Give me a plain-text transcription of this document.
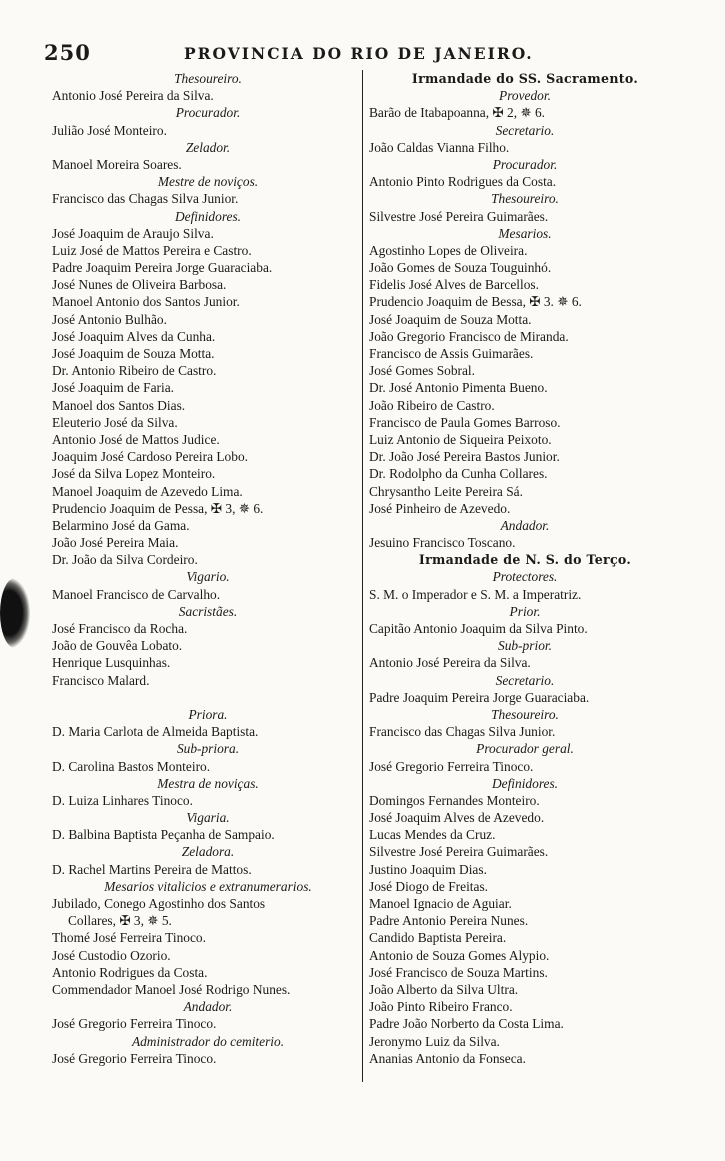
250	PROVINCIA DO RIO DE JANEIRO.
Thesoureiro.
Antonio José Pereira da Silva.
Procurador.
Julião José Monteiro.
Zelador.
Manoel Moreira Soares.
Mestre de noviços.
Francisco das Chagas Silva Junior.
Definidores.
José Joaquim de Araujo Silva.
Luiz José de Mattos Pereira e Castro.
Padre Joaquim Pereira Jorge Guaraciaba.
José Nunes de Oliveira Barbosa.
Manoel Antonio dos Santos Junior.
José Antonio Bulhão.
José Joaquim Alves da Cunha.
José Joaquim de Souza Motta.
Dr. Antonio Ribeiro de Castro.
José Joaquim de Faria.
Manoel dos Santos Dias.
Eleuterio José da Silva.
Antonio José de Mattos Judice.
Joaquim José Cardoso Pereira Lobo.
José da Silva Lopez Monteiro.
Manoel Joaquim de Azevedo Lima.
Prudencio Joaquim de Pessa, ✠ 3, ✵ 6.
Belarmino José da Gama.
João José Pereira Maia.
Dr. João da Silva Cordeiro.
Vigario.
Manoel Francisco de Carvalho.
Sacristães.
José Francisco da Rocha.
João de Gouvêa Lobato.
Henrique Lusquinhas.
Francisco Malard.
Priora.
D. Maria Carlota de Almeida Baptista.
Sub-priora.
D. Carolina Bastos Monteiro.
Mestra de noviças.
D. Luiza Linhares Tinoco.
Vigaria.
D. Balbina Baptista Peçanha de Sampaio.
Zeladora.
D. Rachel Martins Pereira de Mattos.
Mesarios vitalicios e extranumerarios.
Jubilado, Conego Agostinho dos Santos
Collares, ✠ 3, ✵ 5.
Thomé José Ferreira Tinoco.
José Custodio Ozorio.
Antonio Rodrigues da Costa.
Commendador Manoel José Rodrigo Nunes.
Andador.
José Gregorio Ferreira Tinoco.
Administrador do cemiterio.
José Gregorio Ferreira Tinoco.
Irmandade do SS. Sacramento.
Provedor.
Barão de Itabapoanna, ✠ 2, ✵ 6.
Secretario.
João Caldas Vianna Filho.
Procurador.
Antonio Pinto Rodrigues da Costa.
Thesoureiro.
Silvestre José Pereira Guimarães.
Mesarios.
Agostinho Lopes de Oliveira.
João Gomes de Souza Touguinhó.
Fidelis José Alves de Barcellos.
Prudencio Joaquim de Bessa, ✠ 3. ✵ 6.
José Joaquim de Souza Motta.
João Gregorio Francisco de Miranda.
Francisco de Assis Guimarães.
José Gomes Sobral.
Dr. José Antonio Pimenta Bueno.
João Ribeiro de Castro.
Francisco de Paula Gomes Barroso.
Luiz Antonio de Siqueira Peixoto.
Dr. João José Pereira Bastos Junior.
Dr. Rodolpho da Cunha Collares.
Chrysantho Leite Pereira Sá.
José Pinheiro de Azevedo.
Andador.
Jesuino Francisco Toscano.
Irmandade de N. S. do Terço.
Protectores.
S. M. o Imperador e S. M. a Imperatriz.
Prior.
Capitão Antonio Joaquim da Silva Pinto.
Sub-prior.
Antonio José Pereira da Silva.
Secretario.
Padre Joaquim Pereira Jorge Guaraciaba.
Thesoureiro.
Francisco das Chagas Silva Junior.
Procurador geral.
José Gregorio Ferreira Tinoco.
Definidores.
Domingos Fernandes Monteiro.
José Joaquim Alves de Azevedo.
Lucas Mendes da Cruz.
Silvestre José Pereira Guimarães.
Justino Joaquim Dias.
José Diogo de Freitas.
Manoel Ignacio de Aguiar.
Padre Antonio Pereira Nunes.
Candido Baptista Pereira.
Antonio de Souza Gomes Alypio.
José Francisco de Souza Martins.
João Alberto da Silva Ultra.
João Pinto Ribeiro Franco.
Padre João Norberto da Costa Lima.
Jeronymo Luiz da Silva.
Ananias Antonio da Fonseca.
